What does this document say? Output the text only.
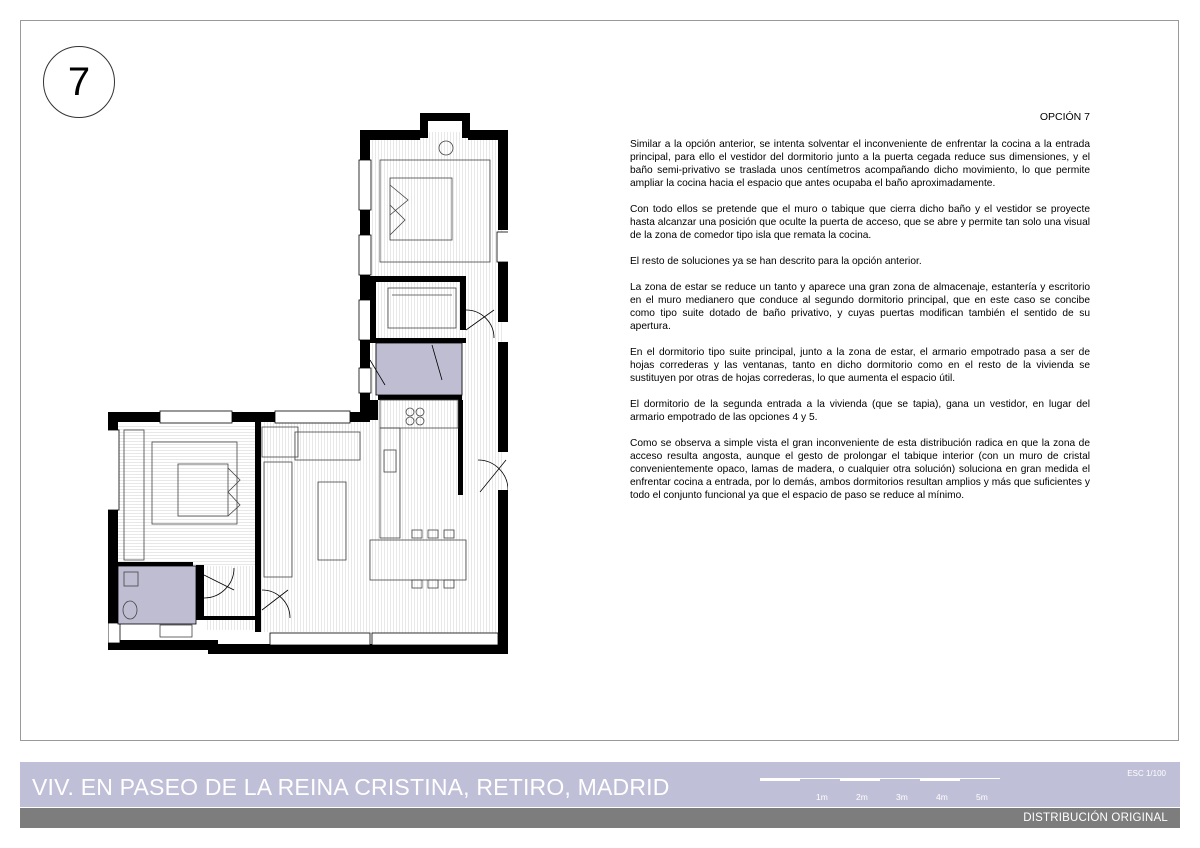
7
OPCIÓN 7

Similar a la opción anterior, se intenta solventar el inconveniente de enfrentar la cocina a la entrada principal, para ello el vestidor del dormitorio junto a la puerta cegada reduce sus dimensiones, y el baño semi-privativo se traslada unos centímetros acompañando dicho movimiento, lo que permite ampliar la cocina hacia el espacio que antes ocupaba el baño aproximadamente.

Con todo ellos se pretende que el muro o tabique que cierra dicho baño y el vestidor se proyecte hasta alcanzar una posición que oculte la puerta de acceso, que se abre y permite tan solo una visual de la zona de comedor tipo isla que remata la cocina.

El resto de soluciones ya se han descrito para la opción anterior.

La zona de estar se reduce un tanto y aparece una gran zona de almacenaje, estantería y escritorio en el muro medianero que conduce al segundo dormitorio principal, que en este caso se concibe como tipo suite dotado de baño privativo, y cuyas puertas modifican también el sentido de su apertura.

En el dormitorio tipo suite principal, junto a la zona de estar, el armario empotrado pasa a ser de hojas correderas y las ventanas, tanto en dicho dormitorio como en el resto de la vivienda se sustituyen por otras de hojas correderas, lo que aumenta el espacio útil.

El dormitorio de la segunda entrada a la vivienda (que se tapia), gana un vestidor, en lugar del armario empotrado de las opciones 4 y 5.

Como se observa a simple vista el gran inconveniente de esta distribución radica en que la zona de acceso resulta angosta, aunque el gesto de prolongar el tabique interior (con un muro de cristal convenientemente opaco, lamas de madera, o cualquier otra solución) soluciona en gran medida el enfrentar cocina a entrada, por lo demás, ambos dormitorios resultan amplios y más que suficientes y todo el conjunto funcional ya que el espacio de paso se reduce al mínimo.

VIV. EN PASEO DE LA REINA CRISTINA, RETIRO, MADRID
ESC 1/100
1m	2m	3m	4m	5m
DISTRIBUCIÓN ORIGINAL
